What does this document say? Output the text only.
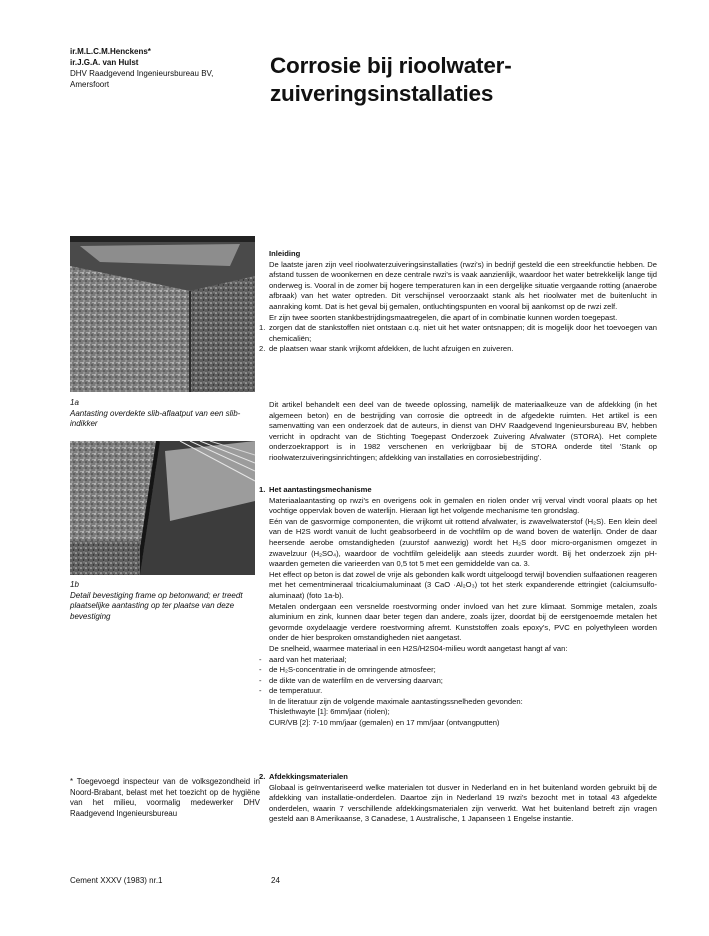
ir.M.L.C.M.Henckens*
ir.J.G.A. van Hulst
DHV Raadgevend Ingenieursbureau BV, Amersfoort
Corrosie bij rioolwater-
zuiveringsinstallaties
1a
Aantasting overdekte slib-aflaatput van een slib-indikker
1b
Detail bevestiging frame op betonwand; er treedt plaatselijke aantasting op ter plaatse van deze bevestiging
* Toegevoegd inspecteur van de volksgezondheid in Noord-Brabant, belast met het toezicht op de hygiëne van het milieu, voormalig medewerker DHV Raadgevend Ingenieursbureau
Cement XXXV (1983) nr.1	24

Inleiding

De laatste jaren zijn veel rioolwaterzuiveringsinstallaties (rwzi's) in bedrijf gesteld die een streekfunctie hebben. De afstand tussen de woonkernen en deze centrale rwzi's is vaak aanzienlijk, waardoor het water betrekkelijk lange tijd onderweg is. Vooral in de zomer bij hogere temperaturen kan in een dergelijke situatie vergaande rotting (anaerobe afbraak) van het water optreden. Dit verschijnsel veroorzaakt stank als het rioolwater met de buitenlucht in aanraking komt. Dat is het geval bij gemalen, ontluchtingspunten en vooral bij aankomst op de rwzi zelf.

Er zijn twee soorten stankbestrijdingsmaatregelen, die apart of in combinatie kunnen worden toegepast.

1. zorgen dat de stankstoffen niet ontstaan c.q. niet uit het water ontsnappen; dit is mogelijk door het toevoegen van chemicaliën;

2. de plaatsen waar stank vrijkomt afdekken, de lucht afzuigen en zuiveren.

Dit artikel behandelt een deel van de tweede oplossing, namelijk de materiaalkeuze van de afdekking (in het algemeen beton) en de bestrijding van corrosie die optreedt in de afgedekte ruimten. Het artikel is een samenvatting van een onderzoek dat de auteurs, in dienst van DHV Raadgevend Ingenieursbureau BV, hebben verricht in opdracht van de Stichting Toegepast Onderzoek Zuivering Afvalwater (STORA). Het complete onderzoekrapport is in 1982 verschenen en verkrijgbaar bij de STORA onderde titel 'Stank op rioolwaterzuiveringsinrichtingen; afdekking van installaties en corrosiebestrijding'.

1. Het aantastingsmechanisme

Materiaalaantasting op rwzi's en overigens ook in gemalen en riolen onder vrij verval vindt vooral plaats op het vochtige oppervlak boven de waterlijn. Hieraan ligt het volgende mechanisme ten grondslag.

Eén van de gasvormige componenten, die vrijkomt uit rottend afvalwater, is zwavelwaterstof (H₂S). Een klein deel van de H2S wordt vanuit de lucht geabsorbeerd in de vochtfilm op de wand boven de waterlijn. Onder de daar heersende aerobe omstandigheden (zuurstof aanwezig) wordt het H₂S door micro-organismen omgezet in zwavelzuur (H₂SO₄), waardoor de vochtfilm geleidelijk aan steeds zuurder wordt. Bij het onderzoek zijn pH-waarden gemeten die varieerden van 0,5 tot 5 met een gemiddelde van ca. 3.

Het effect op beton is dat zowel de vrije als gebonden kalk wordt uitgeloogd terwijl bovendien sulfaationen reageren met het cementmineraal tricalciumaluminaat (3 CaO ·Al₂O₃) tot het sterk expanderende ettringiet (calciumsulfo-aluminaat) (foto 1a-b).

Metalen ondergaan een versnelde roestvorming onder invloed van het zure klimaat. Sommige metalen, zoals aluminium en zink, kunnen daar beter tegen dan andere, zoals ijzer, doordat bij de eerstgenoemde metalen het gevormde oxydelaagje verdere roestvorming afremt. Kunststoffen zoals epoxy's, PVC en polyethyleen worden onder de hier besproken omstandigheden niet aangetast.

De snelheid, waarmee materiaal in een H2S/H2S04-milieu wordt aangetast hangt af van:

- aard van het materiaal;

- de H₂S-concentratie in de omringende atmosfeer;

- de dikte van de waterfilm en de verversing daarvan;

- de temperatuur.

In de literatuur zijn de volgende maximale aantastingssnelheden gevonden:

Thislethwayte [1]: 6mm/jaar (riolen);

CUR/VB [2]: 7-10 mm/jaar (gemalen) en 17 mm/jaar (ontvangputten)

2. Afdekkingsmaterialen

Globaal is geïnventariseerd welke materialen tot dusver in Nederland en in het buitenland worden gebruikt bij de afdekking van installatie-onderdelen. Daartoe zijn in Nederland 19 rwzi's bezocht met in totaal 43 afgedekte onderdelen, waarin 7 verschillende afdekkingsmaterialen zijn verwerkt. Wat het buitenland betreft zijn vragen gesteld aan 8 Amerikaanse, 3 Canadese, 1 Australische, 1 Japanseen 1 Engelse instantie.
